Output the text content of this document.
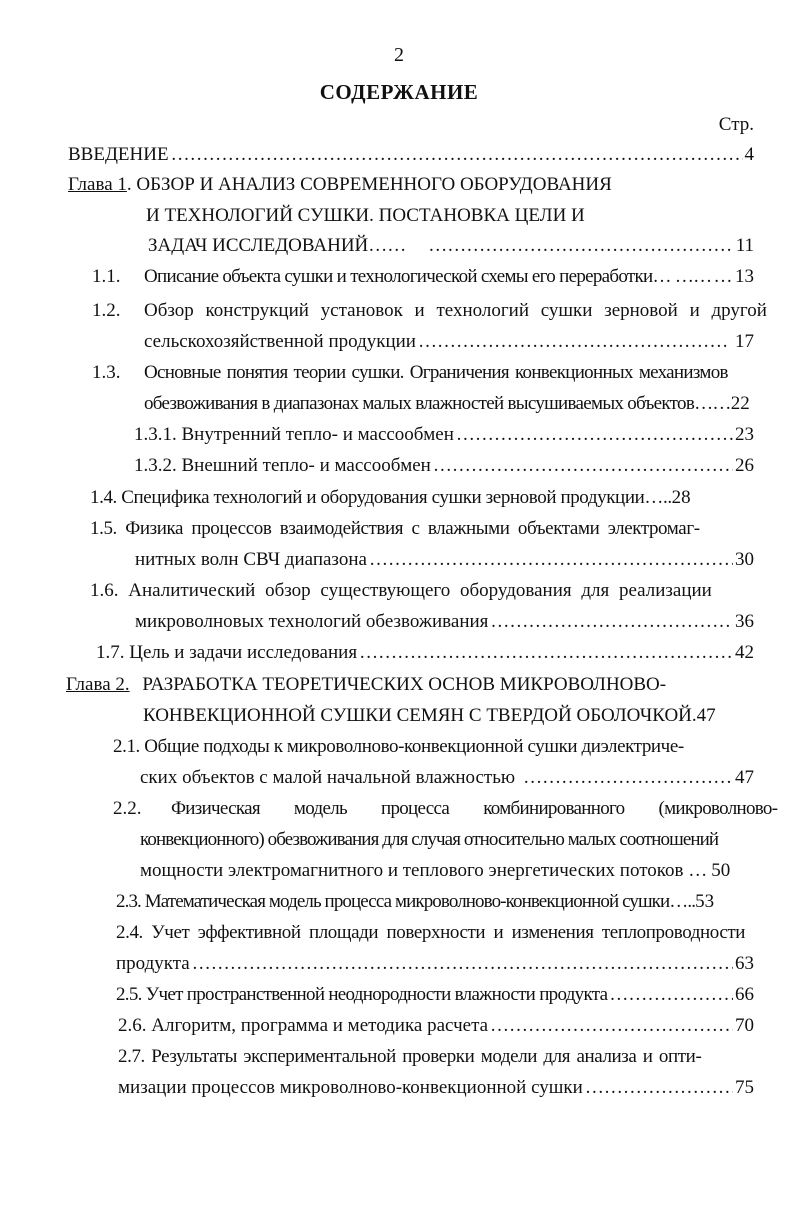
2
СОДЕРЖАНИЕ
Стр.
ВВЕДЕНИЕ …………………………………………………………………………………………………………………………………………………………………………………………………	4
Глава 1. ОБЗОР И АНАЛИЗ СОВРЕМЕННОГО ОБОРУДОВАНИЯ
И ТЕХНОЛОГИЙ СУШКИ. ПОСТАНОВКА ЦЕЛИ И
ЗАДАЧ ИССЛЕДОВАНИЙ…… …………………………………………………………………………………………………………………………………………………………………………………………………	11
1.1.	Описание объекта сушки и технологической схемы его переработки… …… ………………………………………………………………………………………………………………………………………………………………………………………………… 13
1.2. Обзор конструкций установок и технологий сушки зерновой и другой
сельскохозяйственной продукции …………………………………………………………………………………………………………………………………………………………………………………………………	17
1.3. Основные понятия теории сушки. Ограничения конвекционных механизмов
обезвоживания в диапазонах малых влажностей высушиваемых объектов…… 22
1.3.1. Внутренний тепло- и массообмен …………………………………………………………………………………………………………………………………………………………………………………………………	23
1.3.2. Внешний тепло- и массообмен …………………………………………………………………………………………………………………………………………………………………………………………………	26
1.4. Специфика технологий и оборудования сушки зерновой продукции….. 28
1.5. Физика процессов взаимодействия с влажными объектами электромаг-
нитных волн СВЧ диапазона …………………………………………………………………………………………………………………………………………………………………………………………………	30
1.6. Аналитический обзор существующего оборудования для реализации
микроволновых технологий обезвоживания …………………………………………………………………………………………………………………………………………………………………………………………………	36
1.7. Цель и задачи исследования …………………………………………………………………………………………………………………………………………………………………………………………………	42
Глава 2. РАЗРАБОТКА ТЕОРЕТИЧЕСКИХ ОСНОВ МИКРОВОЛНОВО-
КОНВЕКЦИОННОЙ СУШКИ СЕМЯН С ТВЕРДОЙ ОБОЛОЧКОЙ.47
2.1. Общие подходы к микроволново-конвекционной сушки диэлектриче-
ских объектов с малой начальной влажностью …………………………………………………………………………………………………………………………………………………………………………………………………	47
2.2. Физическая модель процесса комбинированного (микроволново-
конвекционного) обезвоживания для случая относительно малых соотношений
мощности электромагнитного и теплового энергетических потоков … 50
2.3. Математическая модель процесса микроволново-конвекционной сушки….. 53
2.4. Учет эффективной площади поверхности и изменения теплопроводности
продукта …………………………………………………………………………………………………………………………………………………………………………………………………	63
2.5. Учет пространственной неоднородности влажности продукта …………………………………………………………………………………………………………………………………………………………………………………………………	66
2.6. Алгоритм, программа и методика расчета …………………………………………………………………………………………………………………………………………………………………………………………………	70
2.7. Результаты экспериментальной проверки модели для анализа и опти-
мизации процессов микроволново-конвекционной сушки …………………………………………………………………………………………………………………………………………………………………………………………………	75
